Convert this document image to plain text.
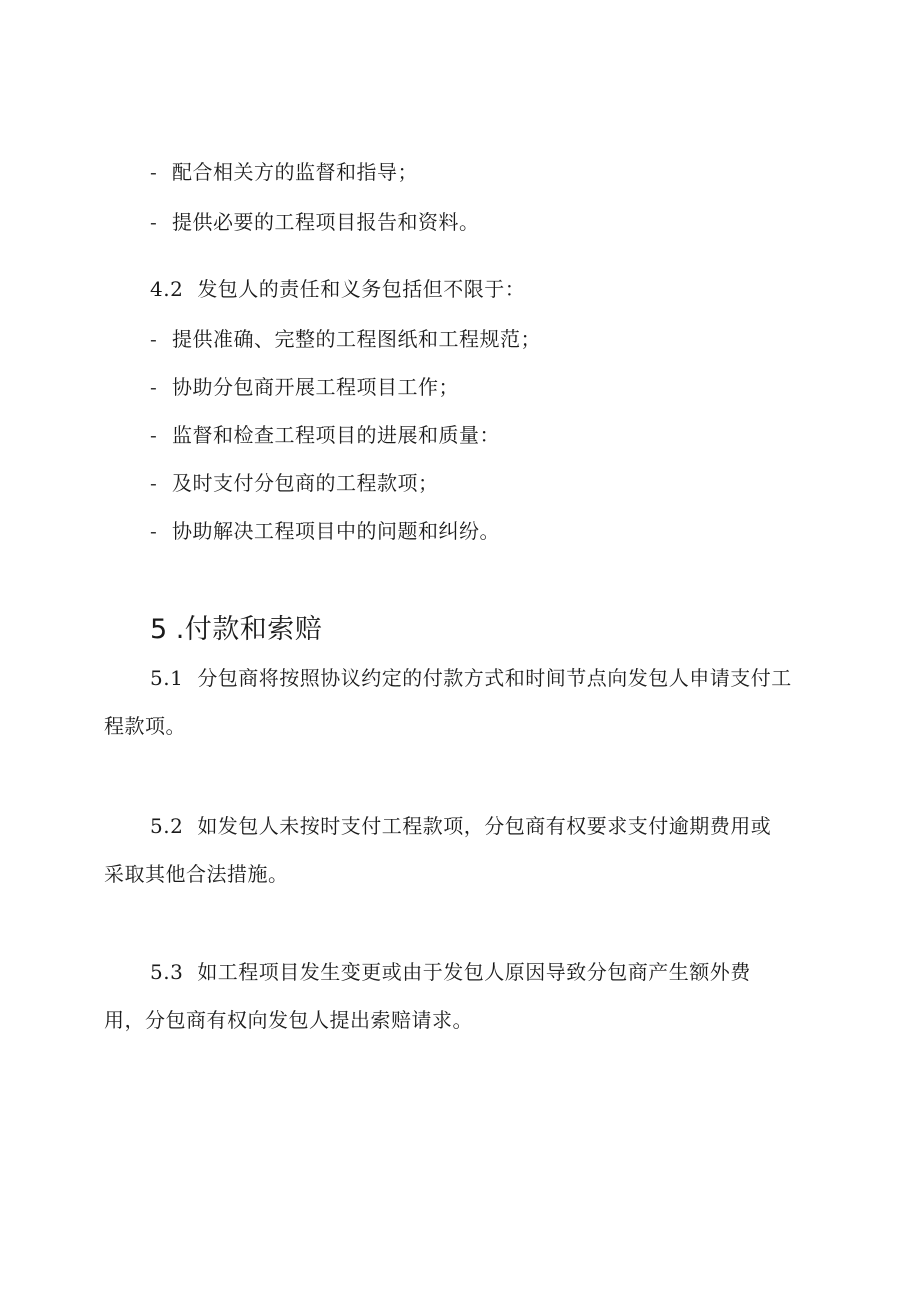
- 配合相关方的监督和指导；
- 提供必要的工程项目报告和资料。
4.2 发包人的责任和义务包括但不限于：
- 提供准确、完整的工程图纸和工程规范；
- 协助分包商开展工程项目工作；
- 监督和检查工程项目的进展和质量：
- 及时支付分包商的工程款项；
- 协助解决工程项目中的问题和纠纷。
5 .付款和索赔
5.1 分包商将按照协议约定的付款方式和时间节点向发包人申请支付工
程款项。
5.2 如发包人未按时支付工程款项，分包商有权要求支付逾期费用或
采取其他合法措施。
5.3 如工程项目发生变更或由于发包人原因导致分包商产生额外费
用，分包商有权向发包人提出索赔请求。
